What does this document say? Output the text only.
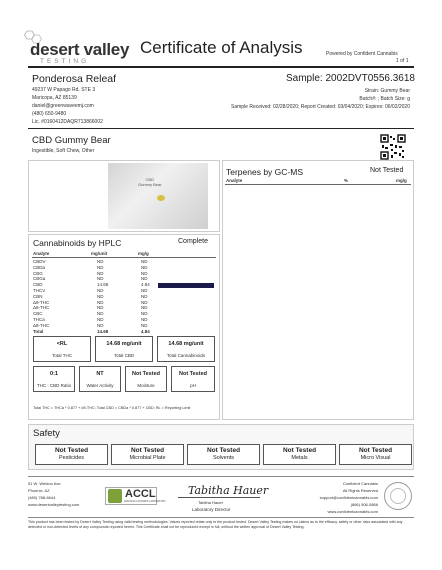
desert valley
TESTING
Certificate of Analysis	Powered by Confident Cannabis
1 of 1
Ponderosa Releaf
49237 W Papago Rd. STE 3
Maricopa, AZ 85139
daniel@greenwaveemj.com
(480) 650-9480
Lic. #0160412DAQR713866002
Sample: 2002DVT0556.3618
Strain: Gummy Bear
Batch#: ; Batch Size: g
Sample Received: 02/28/2020; Report Created: 03/04/2020; Expires: 06/02/2020
CBD Gummy Bear
Ingestible, Soft Chew, Other
CBD
Gummy Bear
Terpenes by GC-MS	Not Tested
Analyte	%	mg/g
Cannabinoids by HPLC	Complete
Analyte	mg/unit	mg/g
CBDV	ND	ND
CBDa	ND	ND
CBG	ND	ND
CBGa	ND	ND
CBD	14.68	4.84
THCV	ND	ND
CBN	ND	ND
Δ9-THC	ND	ND
Δ8-THC	ND	ND
CBC	ND	ND
THCa	ND	ND
Δ8-THC	ND	ND
Total	14.68	4.84
<RL
Total THC
14.68 mg/unit
Total CBD
14.68 mg/unit
Total Cannabinoids
0:1
THC : CBD Ratio
NT
Water Activity
Not Tested
Moisture
Not Tested
pH
Total THC = THCa * 0.877 + d9-THC; Total CBD = CBDa * 0.877 + CBD; RL = Reporting Limit
Safety
Not Tested
Pesticides
Not Tested
Microbial Plate
Not Tested
Solvents
Not Tested
Metals
Not Tested
Micro Visual
51 W. Weldon Ave
Phoenix, AZ
(480) 788-6644
www.desertvalleytesting.com
ACCL
ARIZONA CANNABIS LABORATORY
Tabitha Hauer
Tabitha Hauer
Laboratory Director
Confident Cannabis
All Rights Reserved
support@confidentcannabis.com
(866) 506-5866
www.confidentcannabis.com
This product has been tested by Desert Valley Testing using valid testing methodologies. Values reported relate only to the product tested. Desert Valley Testing makes no claims as to the efficacy, safety or other risks associated with any detected or non-detected levels of any compounds reported herein. This Certificate shall not be reproduced except in full, without the written approval of Desert Valley Testing.
